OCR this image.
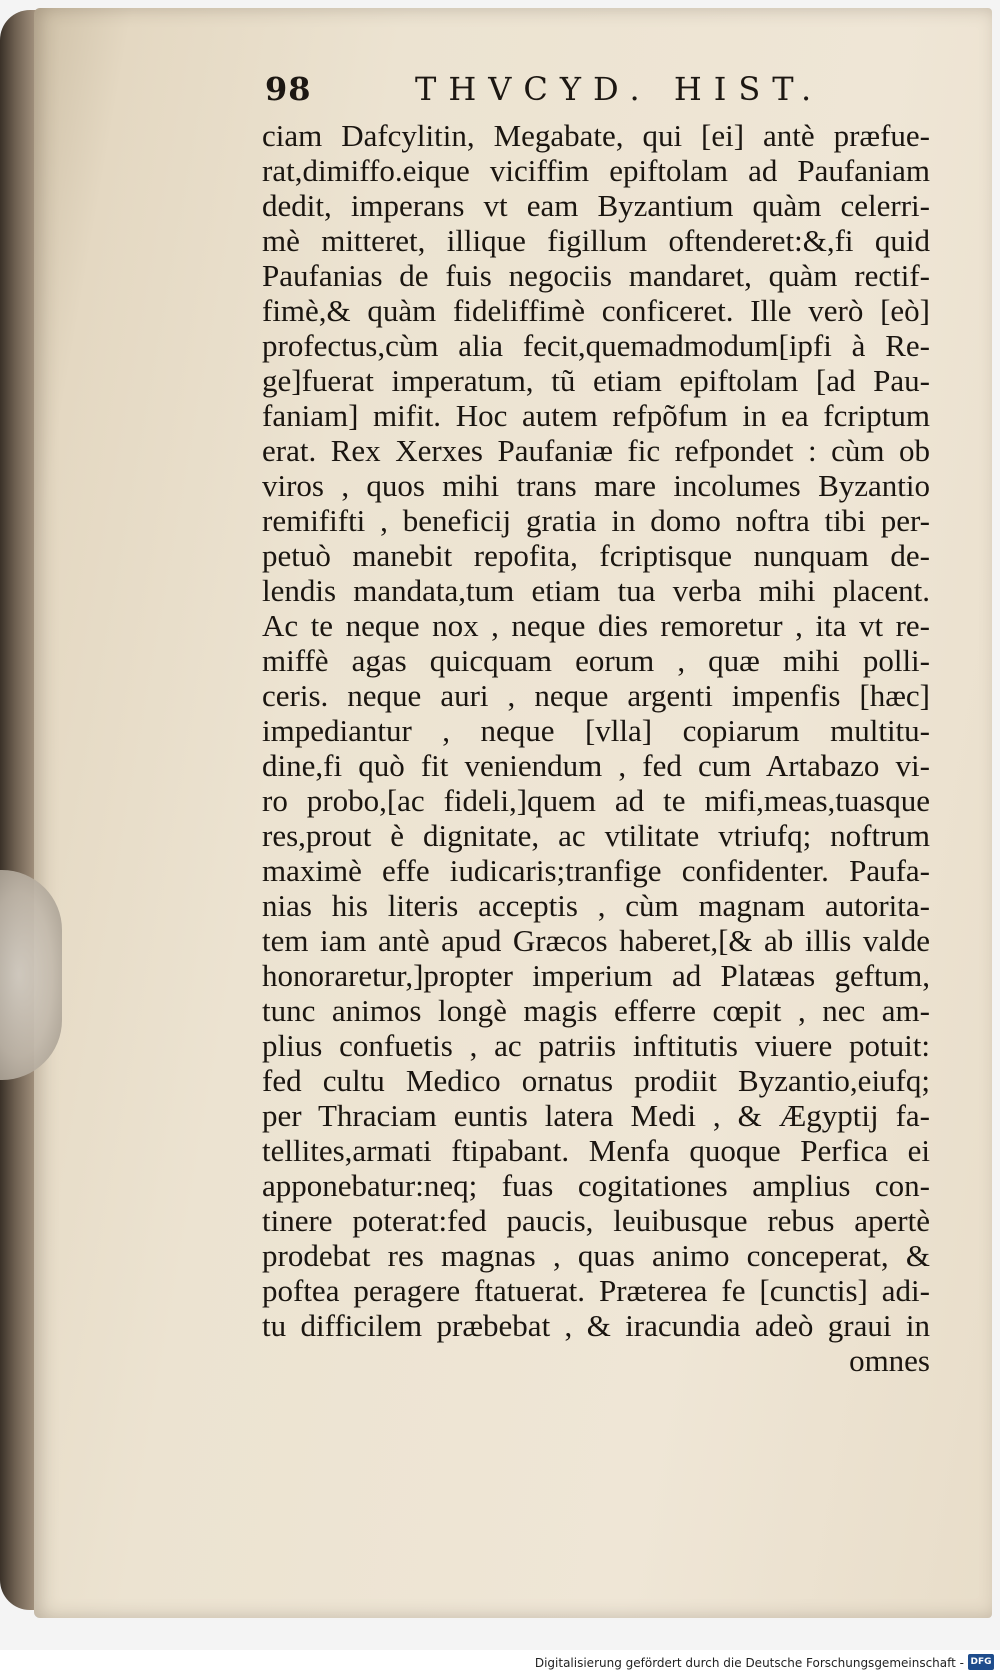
98	THVCYD. HIST.
ciam Dafcylitin, Megabate, qui [ei] antè præfue-
rat,dimiffo.eique viciffim epiftolam ad Paufaniam
dedit, imperans vt eam Byzantium quàm celerri-
mè mitteret, illique figillum oftenderet:&,fi quid
Paufanias de fuis negociis mandaret, quàm rectif-
fimè,& quàm fideliffimè conficeret. Ille verò [eò]
profectus,cùm alia fecit,quemadmodum[ipfi à Re-
ge]fuerat imperatum, tũ etiam epiftolam [ad Pau-
faniam] mifit. Hoc autem refpõfum in ea fcriptum
erat. Rex Xerxes Paufaniæ fic refpondet : cùm ob
viros , quos mihi trans mare incolumes Byzantio
remififti , beneficij gratia in domo noftra tibi per-
petuò manebit repofita, fcriptisque nunquam de-
lendis mandata,tum etiam tua verba mihi placent.
Ac te neque nox , neque dies remoretur , ita vt re-
miffè agas quicquam eorum , quæ mihi polli-
ceris. neque auri , neque argenti impenfis [hæc]
impediantur , neque [vlla] copiarum multitu-
dine,fi quò fit veniendum , fed cum Artabazo vi-
ro probo,[ac fideli,]quem ad te mifi,meas,tuasque
res,prout è dignitate, ac vtilitate vtriufq; noftrum
maximè effe iudicaris;tranfige confidenter. Paufa-
nias his literis acceptis , cùm magnam autorita-
tem iam antè apud Græcos haberet,[& ab illis valde
honoraretur,]propter imperium ad Platæas geftum,
tunc animos longè magis efferre cœpit , nec am-
plius confuetis , ac patriis inftitutis viuere potuit:
fed cultu Medico ornatus prodiit Byzantio,eiufq;
per Thraciam euntis latera Medi , & Ægyptij fa-
tellites,armati ftipabant. Menfa quoque Perfica ei
apponebatur:neq; fuas cogitationes amplius con-
tinere poterat:fed paucis, leuibusque rebus apertè
prodebat res magnas , quas animo conceperat, &
poftea peragere ftatuerat. Præterea fe [cunctis] adi-
tu difficilem præbebat , & iracundia adeò graui in
omnes
Digitalisierung gefördert durch die Deutsche Forschungsgemeinschaft - DFG
